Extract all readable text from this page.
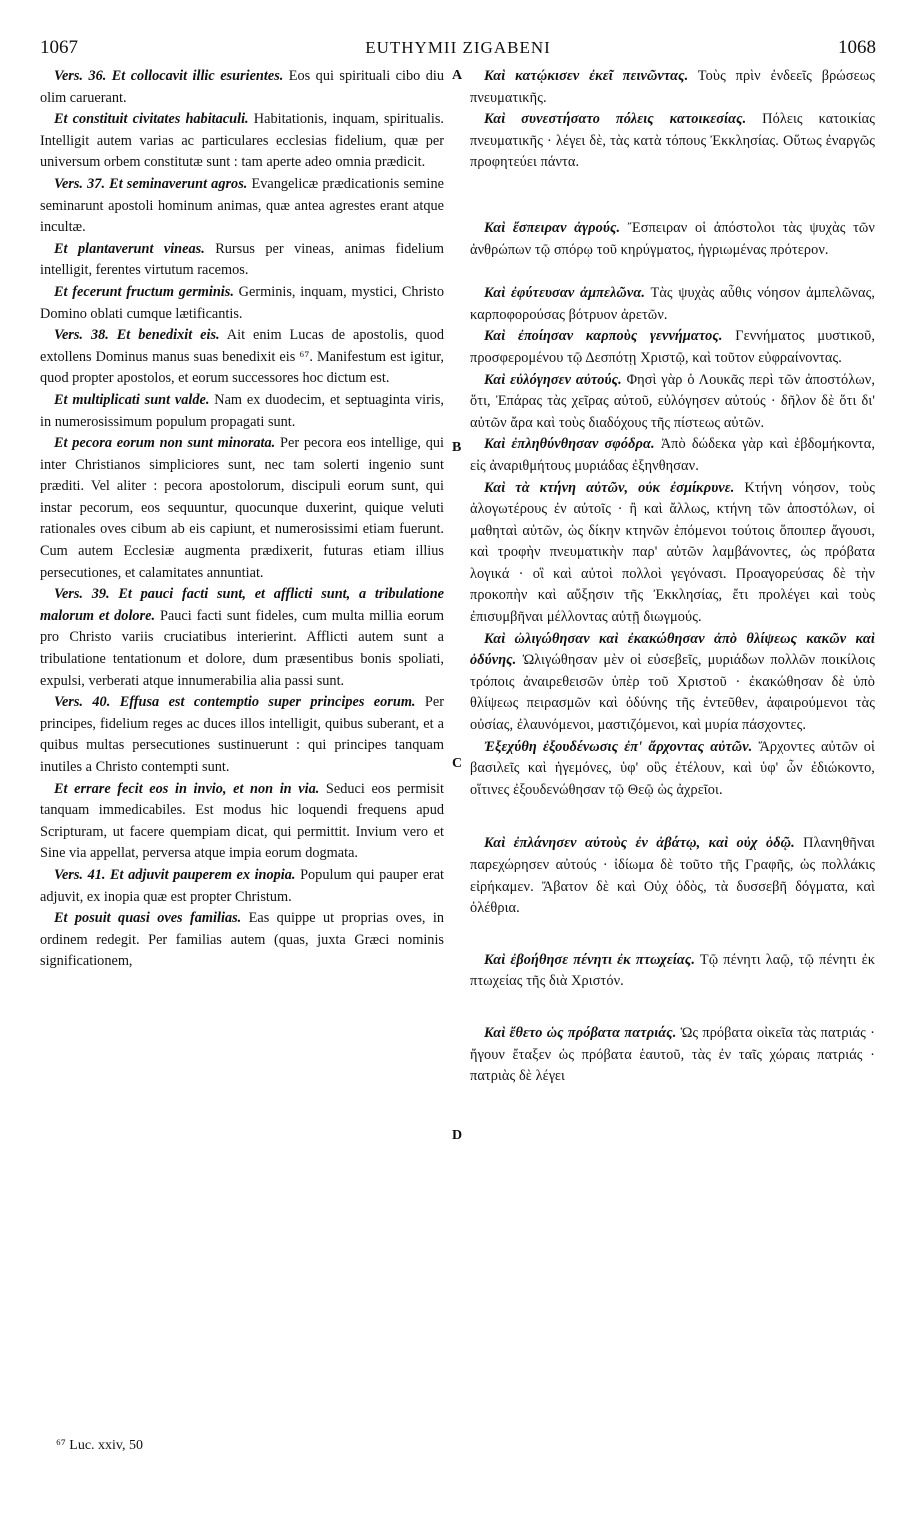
1067	EUTHYMII ZIGABENI	1068

Vers. 36. Et collocavit illic esurientes. Eos qui spirituali cibo diu olim caruerant.

Et constituit civitates habitaculi. Habitationis, inquam, spiritualis. Intelligit autem varias ac particulares ecclesias fidelium, quæ per universum orbem constitutæ sunt : tam aperte adeo omnia prædicit.

Vers. 37. Et seminaverunt agros. Evangelicæ prædicationis semine seminarunt apostoli hominum animas, quæ antea agrestes erant atque incultæ.

Et plantaverunt vineas. Rursus per vineas, animas fidelium intelligit, ferentes virtutum racemos.

Et fecerunt fructum germinis. Germinis, inquam, mystici, Christo Domino oblati cumque lætificantis.

Vers. 38. Et benedixit eis. Ait enim Lucas de apostolis, quod extollens Dominus manus suas benedixit eis ⁶⁷. Manifestum est igitur, quod propter apostolos, et eorum successores hoc dictum est.

Et multiplicati sunt valde. Nam ex duodecim, et septuaginta viris, in numerosissimum populum propagati sunt.

Et pecora eorum non sunt minorata. Per pecora eos intellige, qui inter Christianos simpliciores sunt, nec tam solerti ingenio sunt præditi. Vel aliter : pecora apostolorum, discipuli eorum sunt, qui instar pecorum, eos sequuntur, quocunque duxerint, quique veluti rationales oves cibum ab eis capiunt, et numerosissimi etiam fuerunt. Cum autem Ecclesiæ augmenta prædixerit, futuras etiam illius persecutiones, et calamitates annuntiat.

Vers. 39. Et pauci facti sunt, et afflicti sunt, a tribulatione malorum et dolore. Pauci facti sunt fideles, cum multa millia eorum pro Christo variis cruciatibus interierint. Afflicti autem sunt a tribulatione tentationum et dolore, dum præsentibus bonis spoliati, expulsi, verberati atque innumerabilia alia passi sunt.

Vers. 40. Effusa est contemptio super principes eorum. Per principes, fidelium reges ac duces illos intelligit, quibus suberant, et a quibus multas persecutiones sustinuerunt : qui principes tanquam inutiles a Christo contempti sunt.

Et errare fecit eos in invio, et non in via. Seduci eos permisit tanquam immedicabiles. Est modus hic loquendi frequens apud Scripturam, ut facere quempiam dicat, qui permittit. Invium vero et Sine via appellat, perversa atque impia eorum dogmata.

Vers. 41. Et adjuvit pauperem ex inopia. Populum qui pauper erat adjuvit, ex inopia quæ est propter Christum.

Et posuit quasi oves familias. Eas quippe ut proprias oves, in ordinem redegit. Per familias autem (quas, juxta Græci nominis significationem,

A
B
C
D

Καὶ κατῴκισεν ἐκεῖ πεινῶντας. Τοὺς πρὶν ἐνδεεῖς βρώσεως πνευματικῆς.

Καὶ συνεστήσατο πόλεις κατοικεσίας. Πόλεις κατοικίας πνευματικῆς · λέγει δὲ, τὰς κατὰ τόπους Ἐκκλησίας. Οὕτως ἐναργῶς προφητεύει πάντα.

Καὶ ἔσπειραν ἀγρούς. Ἔσπειραν οἱ ἀπόστολοι τὰς ψυχὰς τῶν ἀνθρώπων τῷ σπόρῳ τοῦ κηρύγματος, ἠγριωμένας πρότερον.

Καὶ ἐφύτευσαν ἀμπελῶνα. Τὰς ψυχὰς αὖθις νόησον ἀμπελῶνας, καρποφορούσας βότρυον ἀρετῶν.

Καὶ ἐποίησαν καρποὺς γεννήματος. Γεννήματος μυστικοῦ, προσφερομένου τῷ Δεσπότῃ Χριστῷ, καὶ τοῦτον εὐφραίνοντας.

Καὶ εὐλόγησεν αὐτούς. Φησὶ γὰρ ὁ Λουκᾶς περὶ τῶν ἀποστόλων, ὅτι, Ἐπάρας τὰς χεῖρας αὐτοῦ, εὐλόγησεν αὐτούς · δῆλον δὲ ὅτι δι' αὐτῶν ἄρα καὶ τοὺς διαδόχους τῆς πίστεως αὐτῶν.

Καὶ ἐπληθύνθησαν σφόδρα. Ἀπὸ δώδεκα γὰρ καὶ ἑβδομήκοντα, εἰς ἀναριθμήτους μυριάδας ἐξηνθησαν.

Καὶ τὰ κτήνη αὐτῶν, οὐκ ἐσμίκρυνε. Κτήνη νόησον, τοὺς ἀλογωτέρους ἐν αὐτοῖς · ἢ καὶ ἄλλως, κτήνη τῶν ἀποστόλων, οἱ μαθηταὶ αὐτῶν, ὡς δίκην κτηνῶν ἑπόμενοι τούτοις ὅποιπερ ἄγουσι, καὶ τροφὴν πνευματικὴν παρ' αὐτῶν λαμβάνοντες, ὡς πρόβατα λογικά · οἳ καὶ αὐτοὶ πολλοὶ γεγόνασι. Προαγορεύσας δὲ τὴν προκοπὴν καὶ αὔξησιν τῆς Ἐκκλησίας, ἔτι προλέγει καὶ τοὺς ἐπισυμβῆναι μέλλοντας αὐτῇ διωγμούς.

Καὶ ὠλιγώθησαν καὶ ἐκακώθησαν ἀπὸ θλίψεως κακῶν καὶ ὀδύνης. Ὠλιγώθησαν μὲν οἱ εὐσεβεῖς, μυριάδων πολλῶν ποικίλοις τρόποις ἀναιρεθεισῶν ὑπὲρ τοῦ Χριστοῦ · ἐκακώθησαν δὲ ὑπὸ θλίψεως πειρασμῶν καὶ ὀδύνης τῆς ἐντεῦθεν, ἀφαιρούμενοι τὰς οὐσίας, ἐλαυνόμενοι, μαστιζόμενοι, καὶ μυρία πάσχοντες.

Ἐξεχύθη ἐξουδένωσις ἐπ' ἄρχοντας αὐτῶν. Ἄρχοντες αὐτῶν οἱ βασιλεῖς καὶ ἡγεμόνες, ὑφ' οὓς ἐτέλουν, καὶ ὑφ' ὧν ἐδιώκοντο, οἵτινες ἐξουδενώθησαν τῷ Θεῷ ὡς ἀχρεῖοι.

Καὶ ἐπλάνησεν αὐτοὺς ἐν ἀβάτῳ, καὶ οὐχ ὁδῷ. Πλανηθῆναι παρεχώρησεν αὐτούς · ἰδίωμα δὲ τοῦτο τῆς Γραφῆς, ὡς πολλάκις εἰρήκαμεν. Ἄβατον δὲ καὶ Οὐχ ὁδὸς, τὰ δυσσεβῆ δόγματα, καὶ ὀλέθρια.

Καὶ ἐβοήθησε πένητι ἐκ πτωχείας. Τῷ πένητι λαῷ, τῷ πένητι ἐκ πτωχείας τῆς διὰ Χριστόν.

Καὶ ἔθετο ὡς πρόβατα πατριάς. Ὡς πρόβατα οἰκεῖα τὰς πατριάς · ἤγουν ἔταξεν ὡς πρόβατα ἑαυτοῦ, τὰς ἐν ταῖς χώραις πατριάς · πατριὰς δὲ λέγει

⁶⁷ Luc. xxiv, 50
